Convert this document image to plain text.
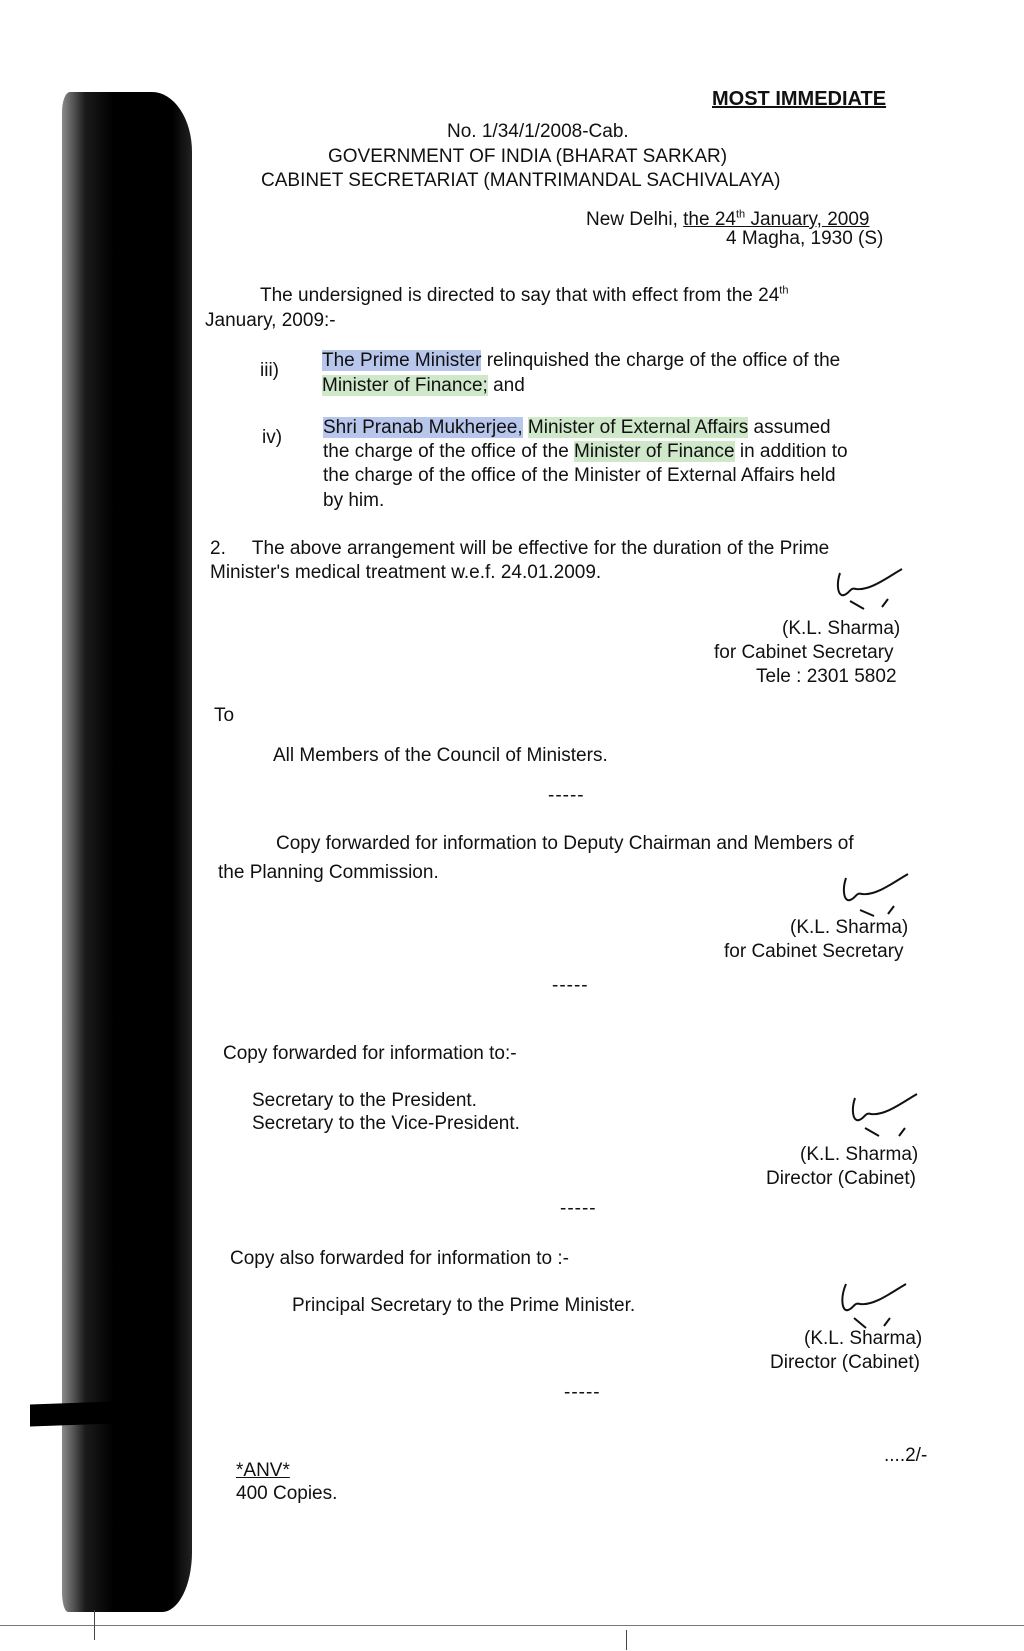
MOST IMMEDIATE
No. 1/34/1/2008-Cab.
GOVERNMENT OF INDIA (BHARAT SARKAR)
CABINET SECRETARIAT (MANTRIMANDAL SACHIVALAYA)
New Delhi, the 24th January, 2009
4 Magha, 1930 (S)
The undersigned is directed to say that with effect from the 24th
January, 2009:-
iii) The Prime Minister relinquished the charge of the office of the
Minister of Finance; and
iv) Shri Pranab Mukherjee, Minister of External Affairs assumed
the charge of the office of the Minister of Finance in addition to
the charge of the office of the Minister of External Affairs held
by him.
2.     The above arrangement will be effective for the duration of the Prime
Minister's medical treatment w.e.f. 24.01.2009.
(K.L. Sharma)
for Cabinet Secretary
Tele : 2301 5802
To
All Members of the Council of Ministers.
-----
Copy forwarded for information to Deputy Chairman and Members of
the Planning Commission.
(K.L. Sharma)
for Cabinet Secretary
-----
Copy forwarded for information to:-
Secretary to the President.
Secretary to the Vice-President.
(K.L. Sharma)
Director (Cabinet)
-----
Copy also forwarded for information to :-
Principal Secretary to the Prime Minister.
(K.L. Sharma)
Director (Cabinet)
-----
*ANV*
400 Copies.
....2/-
